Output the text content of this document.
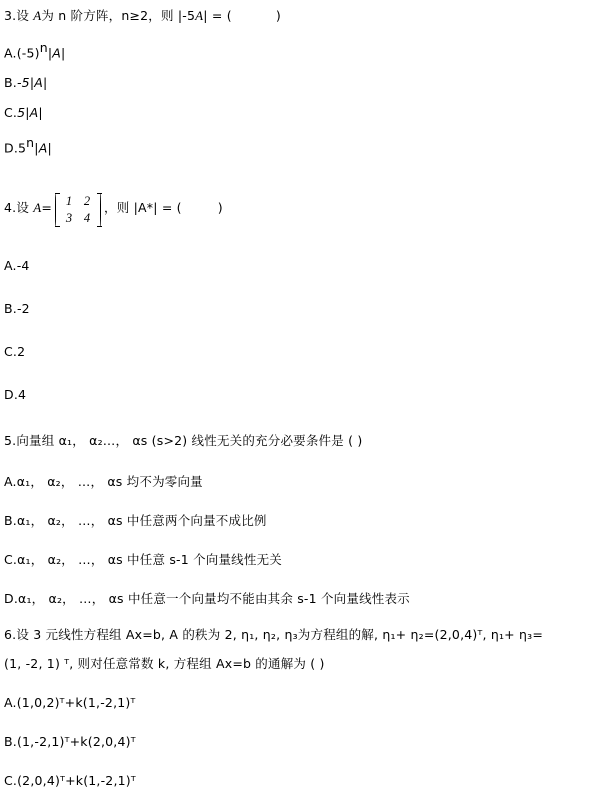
3.设 A为 n 阶方阵，n≥2，则 |-5A| = (	)
A.(-5)n|A|
B.-5|A|
C.5|A|
D.5n|A|
4.设 A=	1 2
3 4
，则 |A*| = (	)
A.-4
B.-2
C.2
D.4
5.向量组 α₁， α₂…， αs (s>2) 线性无关的充分必要条件是 ( )
A.α₁， α₂， …， αs 均不为零向量
B.α₁， α₂， …， αs 中任意两个向量不成比例
C.α₁， α₂， …， αs 中任意 s-1 个向量线性无关
D.α₁， α₂， …， αs 中任意一个向量均不能由其余 s-1 个向量线性表示
6.设 3 元线性方程组 Ax=b, A 的秩为 2, η₁, η₂, η₃为方程组的解, η₁+ η₂=(2,0,4)ᵀ, η₁+ η₃=
(1, -2, 1) ᵀ, 则对任意常数 k, 方程组 Ax=b 的通解为 ( )
A.(1,0,2)ᵀ+k(1,-2,1)ᵀ
B.(1,-2,1)ᵀ+k(2,0,4)ᵀ
C.(2,0,4)ᵀ+k(1,-2,1)ᵀ
